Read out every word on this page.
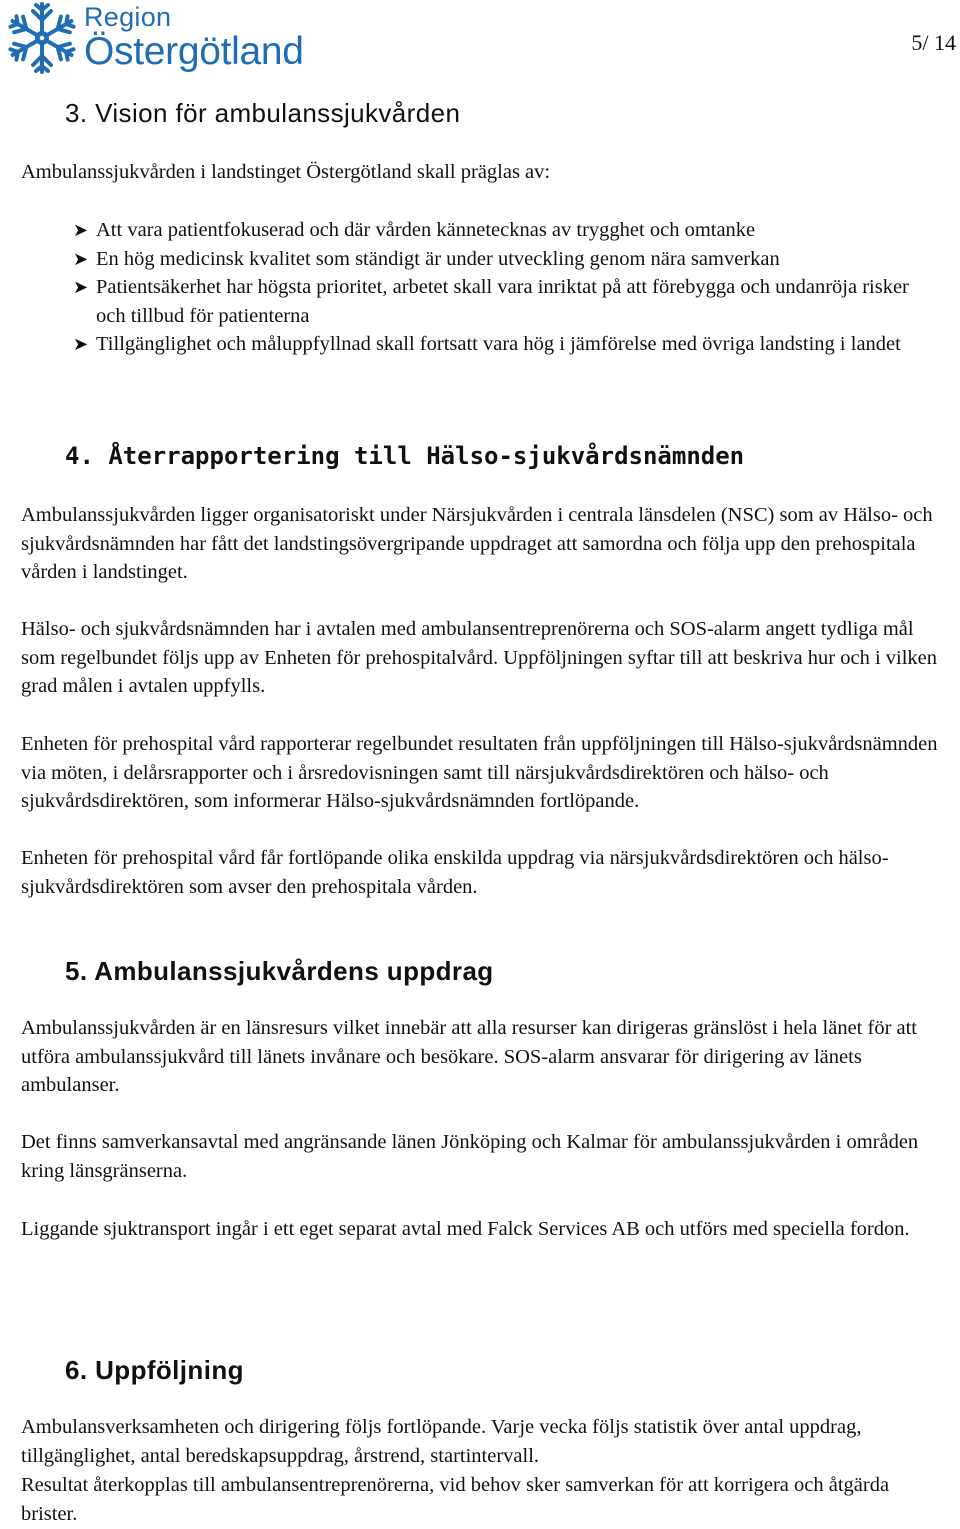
Region
Östergötland	5/ 14
3. Vision för ambulanssjukvården

Ambulanssjukvården i landstinget Östergötland skall präglas av:

➤ Att vara patientfokuserad och där vården kännetecknas av trygghet och omtanke
➤ En hög medicinsk kvalitet som ständigt är under utveckling genom nära samverkan
➤ Patientsäkerhet har högsta prioritet, arbetet skall vara inriktat på att förebygga och undanröja risker och tillbud för patienterna
➤ Tillgänglighet och måluppfyllnad skall fortsatt vara hög i jämförelse med övriga landsting i landet
4. Återrapportering till Hälso-sjukvårdsnämnden

Ambulanssjukvården ligger organisatoriskt under Närsjukvården i centrala länsdelen (NSC) som av Hälso- och sjukvårdsnämnden har fått det landstingsövergripande uppdraget att samordna och följa upp den prehospitala vården i landstinget.

Hälso- och sjukvårdsnämnden har i avtalen med ambulansentreprenörerna och SOS-alarm angett tydliga mål som regelbundet följs upp av Enheten för prehospitalvård. Uppföljningen syftar till att beskriva hur och i vilken grad målen i avtalen uppfylls.

Enheten för prehospital vård rapporterar regelbundet resultaten från uppföljningen till Hälso-sjukvårdsnämnden via möten, i delårsrapporter och i årsredovisningen samt till närsjukvårdsdirektören och hälso- och sjukvårdsdirektören, som informerar Hälso-sjukvårdsnämnden fortlöpande.

Enheten för prehospital vård får fortlöpande olika enskilda uppdrag via närsjukvårdsdirektören och hälso- sjukvårdsdirektören som avser den prehospitala vården.

5. Ambulanssjukvårdens uppdrag

Ambulanssjukvården är en länsresurs vilket innebär att alla resurser kan dirigeras gränslöst i hela länet för att utföra ambulanssjukvård till länets invånare och besökare. SOS-alarm ansvarar för dirigering av länets ambulanser.

Det finns samverkansavtal med angränsande länen Jönköping och Kalmar för ambulanssjukvården i områden kring länsgränserna.

Liggande sjuktransport ingår i ett eget separat avtal med Falck Services AB och utförs med speciella fordon.

6. Uppföljning

Ambulansverksamheten och dirigering följs fortlöpande. Varje vecka följs statistik över antal uppdrag, tillgänglighet, antal beredskapsuppdrag, årstrend, startintervall.

Resultat återkopplas till ambulansentreprenörerna, vid behov sker samverkan för att korrigera och åtgärda brister.
